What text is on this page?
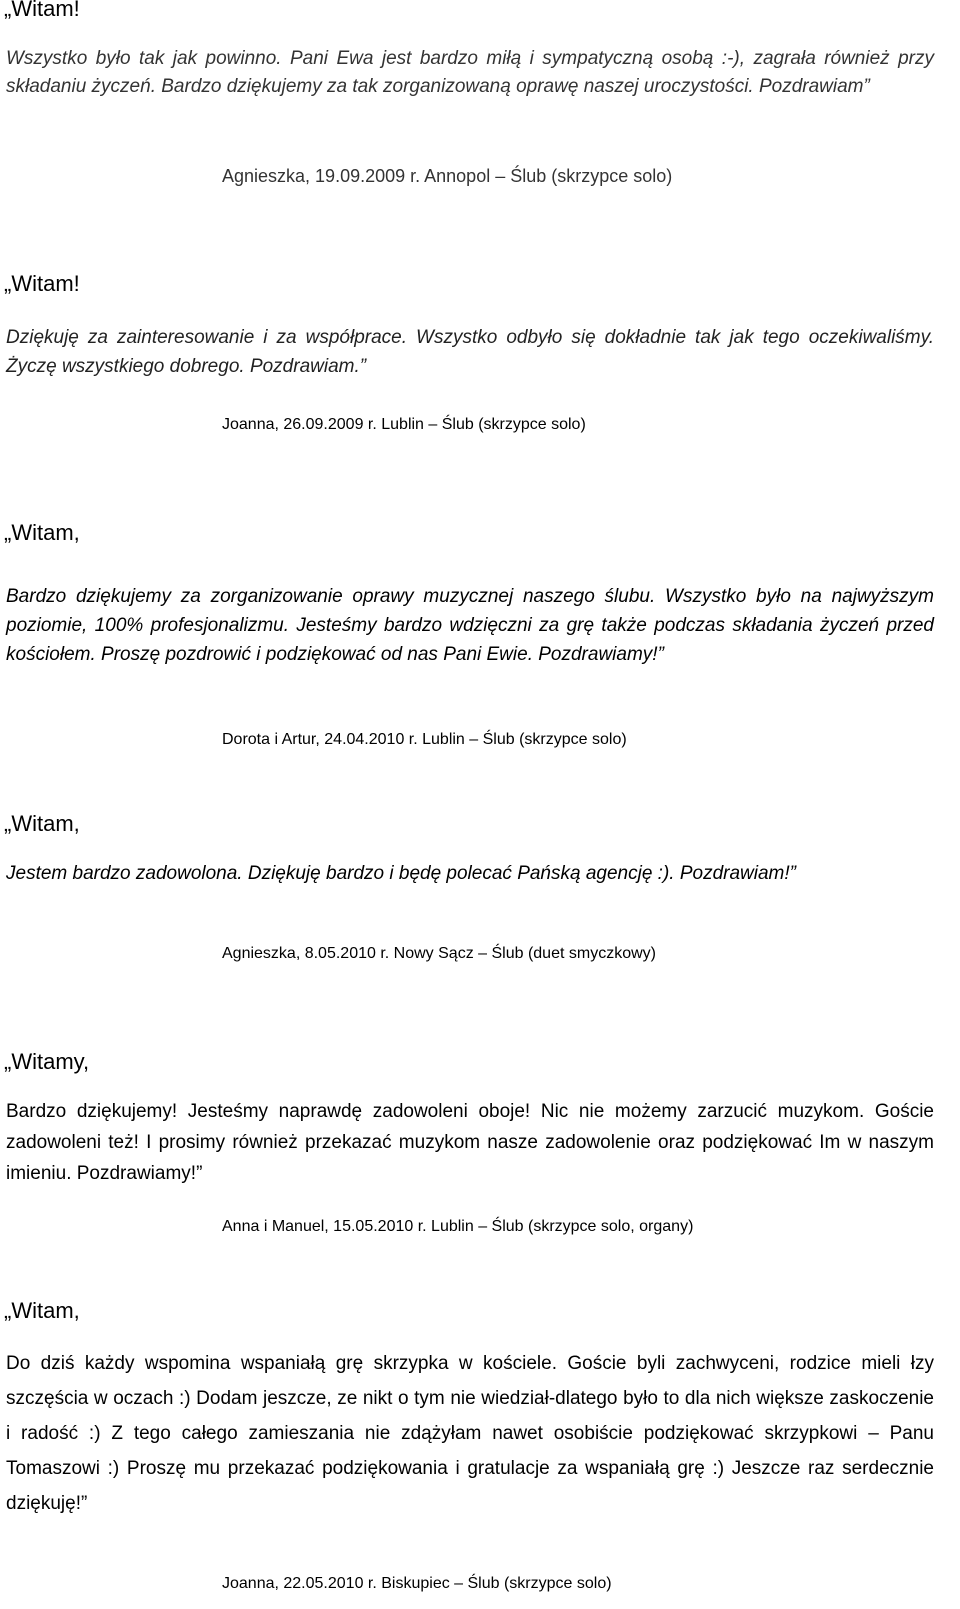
„Witam!

Wszystko było tak jak powinno. Pani Ewa jest bardzo miłą i sympatyczną osobą :-), zagrała również przy składaniu życzeń. Bardzo dziękujemy za tak zorganizowaną oprawę naszej uroczystości. Pozdrawiam”

Agnieszka, 19.09.2009 r. Annopol – Ślub (skrzypce solo)

„Witam!

Dziękuję za zainteresowanie i za współprace. Wszystko odbyło się dokładnie tak jak tego oczekiwaliśmy. Życzę wszystkiego dobrego. Pozdrawiam.”

Joanna, 26.09.2009 r. Lublin – Ślub (skrzypce solo)

„Witam,

Bardzo dziękujemy za zorganizowanie oprawy muzycznej naszego ślubu. Wszystko było na najwyższym poziomie, 100% profesjonalizmu. Jesteśmy bardzo wdzięczni za grę także podczas składania życzeń przed kościołem. Proszę pozdrowić i podziękować od nas Pani Ewie. Pozdrawiamy!”

Dorota i Artur, 24.04.2010 r. Lublin – Ślub (skrzypce solo)

„Witam,

Jestem bardzo zadowolona. Dziękuję bardzo i będę polecać Pańską agencję :). Pozdrawiam!”

Agnieszka, 8.05.2010 r. Nowy Sącz – Ślub (duet smyczkowy)

„Witamy,

Bardzo dziękujemy! Jesteśmy naprawdę zadowoleni oboje! Nic nie możemy zarzucić muzykom. Goście zadowoleni też! I prosimy również przekazać muzykom nasze zadowolenie oraz podziękować Im w naszym imieniu. Pozdrawiamy!”

Anna i Manuel, 15.05.2010 r. Lublin – Ślub (skrzypce solo, organy)

„Witam,

Do dziś każdy wspomina wspaniałą grę skrzypka w kościele. Goście byli zachwyceni, rodzice mieli łzy szczęścia w oczach :) Dodam jeszcze, ze nikt o tym nie wiedział-dlatego było to dla nich większe zaskoczenie i radość :) Z tego całego zamieszania nie zdążyłam nawet osobiście podziękować skrzypkowi – Panu Tomaszowi :) Proszę mu przekazać podziękowania i gratulacje za wspaniałą grę :) Jeszcze raz serdecznie dziękuję!”

Joanna, 22.05.2010 r. Biskupiec – Ślub (skrzypce solo)
